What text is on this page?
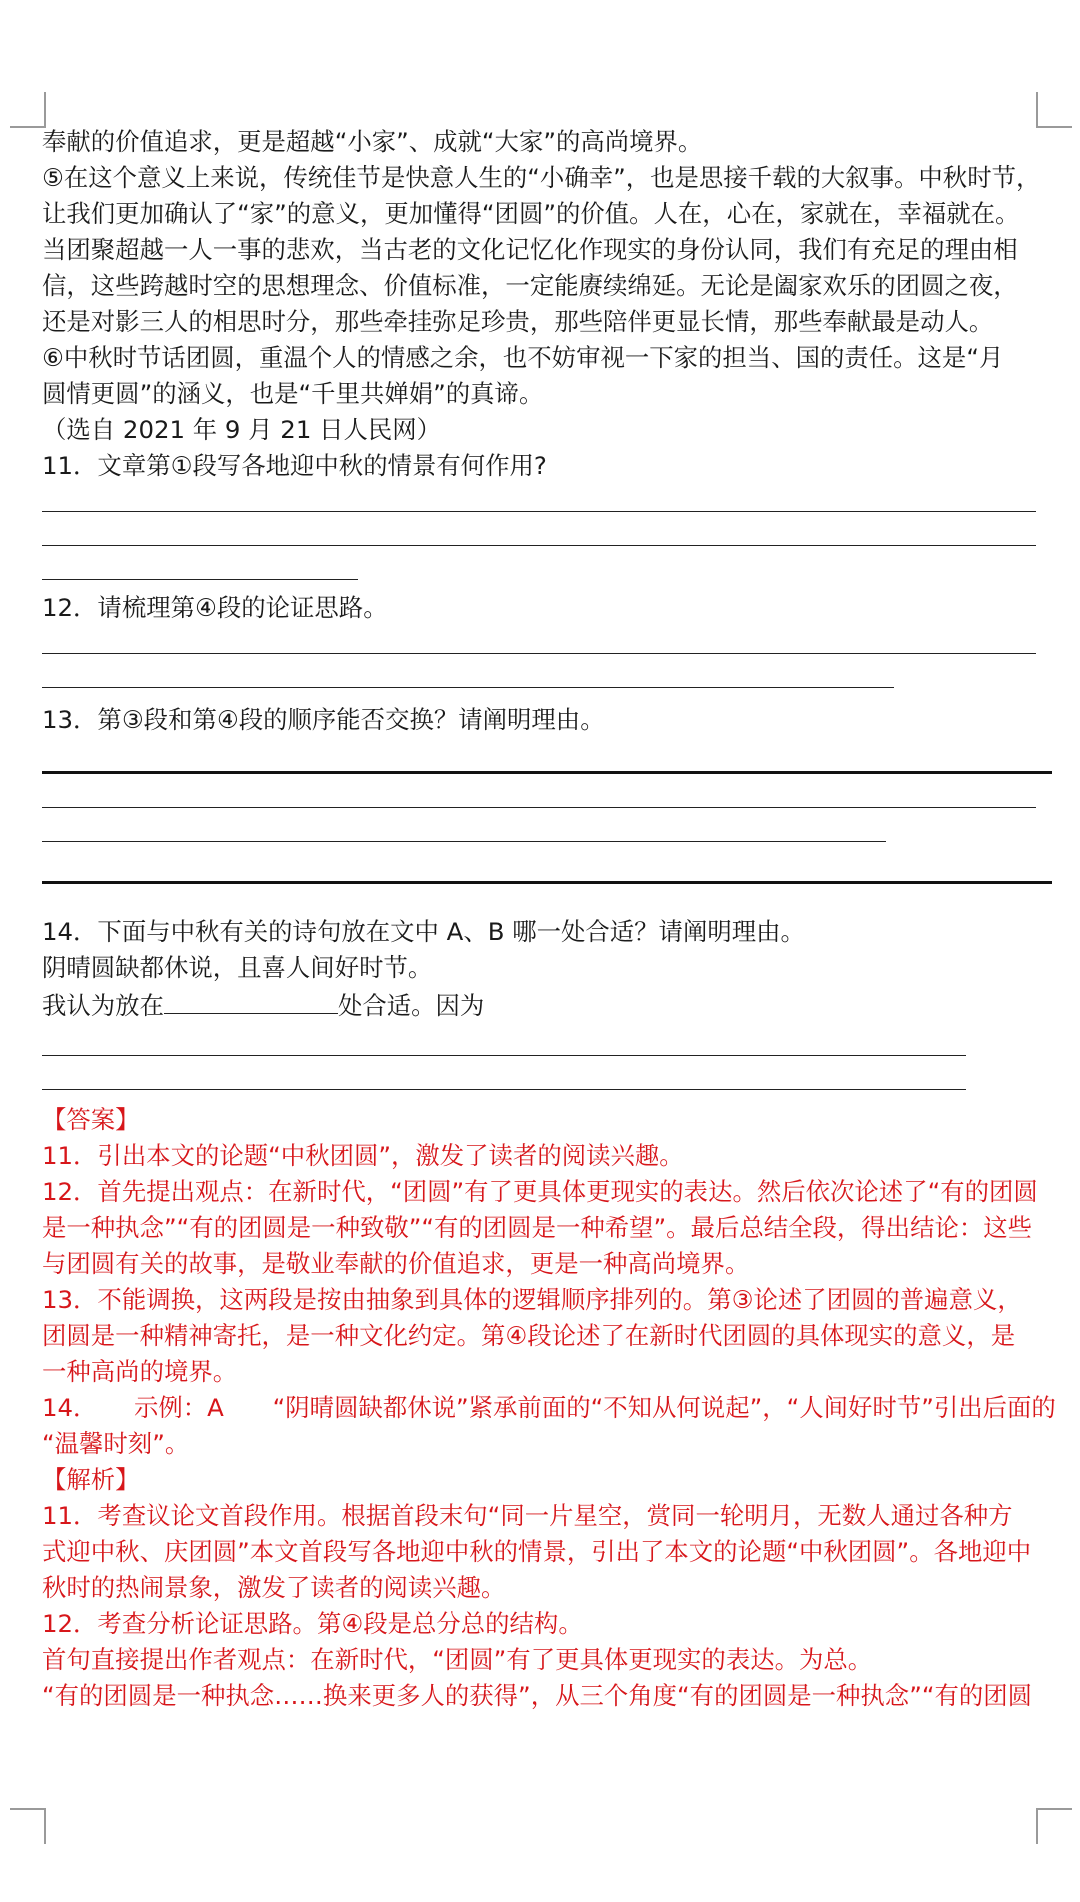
奉献的价值追求，更是超越“小家”、成就“大家”的高尚境界。
⑤在这个意义上来说，传统佳节是快意人生的“小确幸”，也是思接千载的大叙事。中秋时节，
让我们更加确认了“家”的意义，更加懂得“团圆”的价值。人在，心在，家就在，幸福就在。
当团聚超越一人一事的悲欢，当古老的文化记忆化作现实的身份认同，我们有充足的理由相
信，这些跨越时空的思想理念、价值标准，一定能赓续绵延。无论是阖家欢乐的团圆之夜，
还是对影三人的相思时分，那些牵挂弥足珍贵，那些陪伴更显长情，那些奉献最是动人。
⑥中秋时节话团圆，重温个人的情感之余，也不妨审视一下家的担当、国的责任。这是“月
圆情更圆”的涵义，也是“千里共婵娟”的真谛。
（选自 2021 年 9 月 21 日人民网）
11．文章第①段写各地迎中秋的情景有何作用?
12．请梳理第④段的论证思路。
13．第③段和第④段的顺序能否交换？请阐明理由。
14．下面与中秋有关的诗句放在文中 A、B 哪一处合适？请阐明理由。
阴晴圆缺都休说，且喜人间好时节。
我认为放在	处合适。因为
【答案】
11．引出本文的论题“中秋团圆”，激发了读者的阅读兴趣。
12．首先提出观点：在新时代，“团圆”有了更具体更现实的表达。然后依次论述了“有的团圆
是一种执念”“有的团圆是一种致敬”“有的团圆是一种希望”。最后总结全段，得出结论：这些
与团圆有关的故事，是敬业奉献的价值追求，更是一种高尚境界。
13．不能调换，这两段是按由抽象到具体的逻辑顺序排列的。第③论述了团圆的普遍意义，
团圆是一种精神寄托，是一种文化约定。第④段论述了在新时代团圆的具体现实的意义，是
一种高尚的境界。
14．　　示例：A　　“阴晴圆缺都休说”紧承前面的“不知从何说起”，“人间好时节”引出后面的
“温馨时刻”。
【解析】
11．考查议论文首段作用。根据首段末句“同一片星空，赏同一轮明月，无数人通过各种方
式迎中秋、庆团圆”本文首段写各地迎中秋的情景，引出了本文的论题“中秋团圆”。各地迎中
秋时的热闹景象，激发了读者的阅读兴趣。
12．考查分析论证思路。第④段是总分总的结构。
首句直接提出作者观点：在新时代，“团圆”有了更具体更现实的表达。为总。
“有的团圆是一种执念……换来更多人的获得”，从三个角度“有的团圆是一种执念”“有的团圆
